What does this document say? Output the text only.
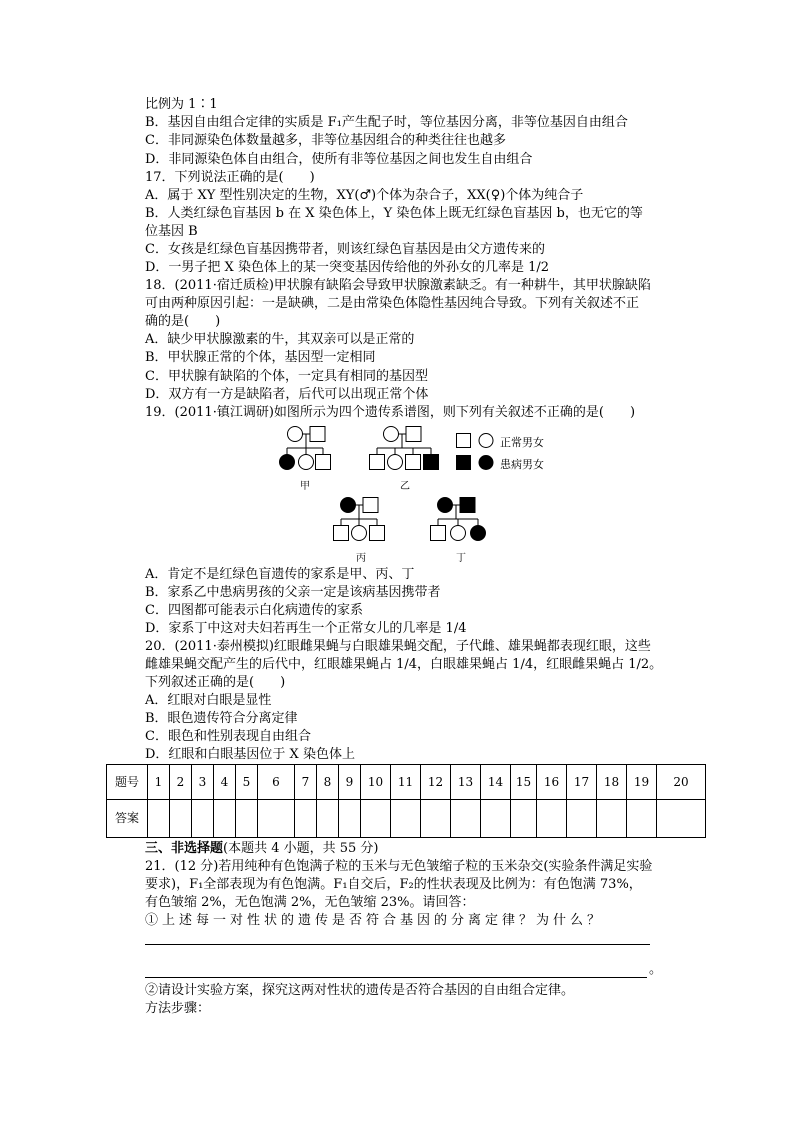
比例为 1∶1
B．基因自由组合定律的实质是 F₁产生配子时，等位基因分离，非等位基因自由组合
C．非同源染色体数量越多，非等位基因组合的种类往往也越多
D．非同源染色体自由组合，使所有非等位基因之间也发生自由组合
17．下列说法正确的是(　　)
A．属于 XY 型性别决定的生物，XY(♂)个体为杂合子，XX(♀)个体为纯合子
B．人类红绿色盲基因 b 在 X 染色体上，Y 染色体上既无红绿色盲基因 b，也无它的等
位基因 B
C．女孩是红绿色盲基因携带者，则该红绿色盲基因是由父方遗传来的
D．一男子把 X 染色体上的某一突变基因传给他的外孙女的几率是 1/2
18．(2011·宿迁质检)甲状腺有缺陷会导致甲状腺激素缺乏。有一种耕牛，其甲状腺缺陷
可由两种原因引起：一是缺碘，二是由常染色体隐性基因纯合导致。下列有关叙述不正
确的是(　　)
A．缺少甲状腺激素的牛，其双亲可以是正常的
B．甲状腺正常的个体，基因型一定相同
C．甲状腺有缺陷的个体，一定具有相同的基因型
D．双方有一方是缺陷者，后代可以出现正常个体
19．(2011·镇江调研)如图所示为四个遗传系谱图，则下列有关叙述不正确的是(　　)
甲	乙
正常男女
患病男女
丙	丁
A．肯定不是红绿色盲遗传的家系是甲、丙、丁
B．家系乙中患病男孩的父亲一定是该病基因携带者
C．四图都可能表示白化病遗传的家系
D．家系丁中这对夫妇若再生一个正常女儿的几率是 1/4
20．(2011·泰州模拟)红眼雌果蝇与白眼雄果蝇交配，子代雌、雄果蝇都表现红眼，这些
雌雄果蝇交配产生的后代中，红眼雄果蝇占 1/4，白眼雄果蝇占 1/4，红眼雌果蝇占 1/2。
下列叙述正确的是(　　)
A．红眼对白眼是显性
B．眼色遗传符合分离定律
C．眼色和性别表现自由组合
D．红眼和白眼基因位于 X 染色体上
题号	1	2	3	4	5	6	7	8	9	10	11	12	13	14	15	16	17	18	19	20
答案																				
三、非选择题(本题共 4 小题，共 55 分)
21．(12 分)若用纯种有色饱满子粒的玉米与无色皱缩子粒的玉米杂交(实验条件满足实验
要求)，F₁全部表现为有色饱满。F₁自交后，F₂的性状表现及比例为：有色饱满 73%，
有色皱缩 2%，无色饱满 2%，无色皱缩 23%。请回答：
①上述每一对性状的遗传是否符合基因的分离定律？为什么？
。
②请设计实验方案，探究这两对性状的遗传是否符合基因的自由组合定律。
方法步骤：
